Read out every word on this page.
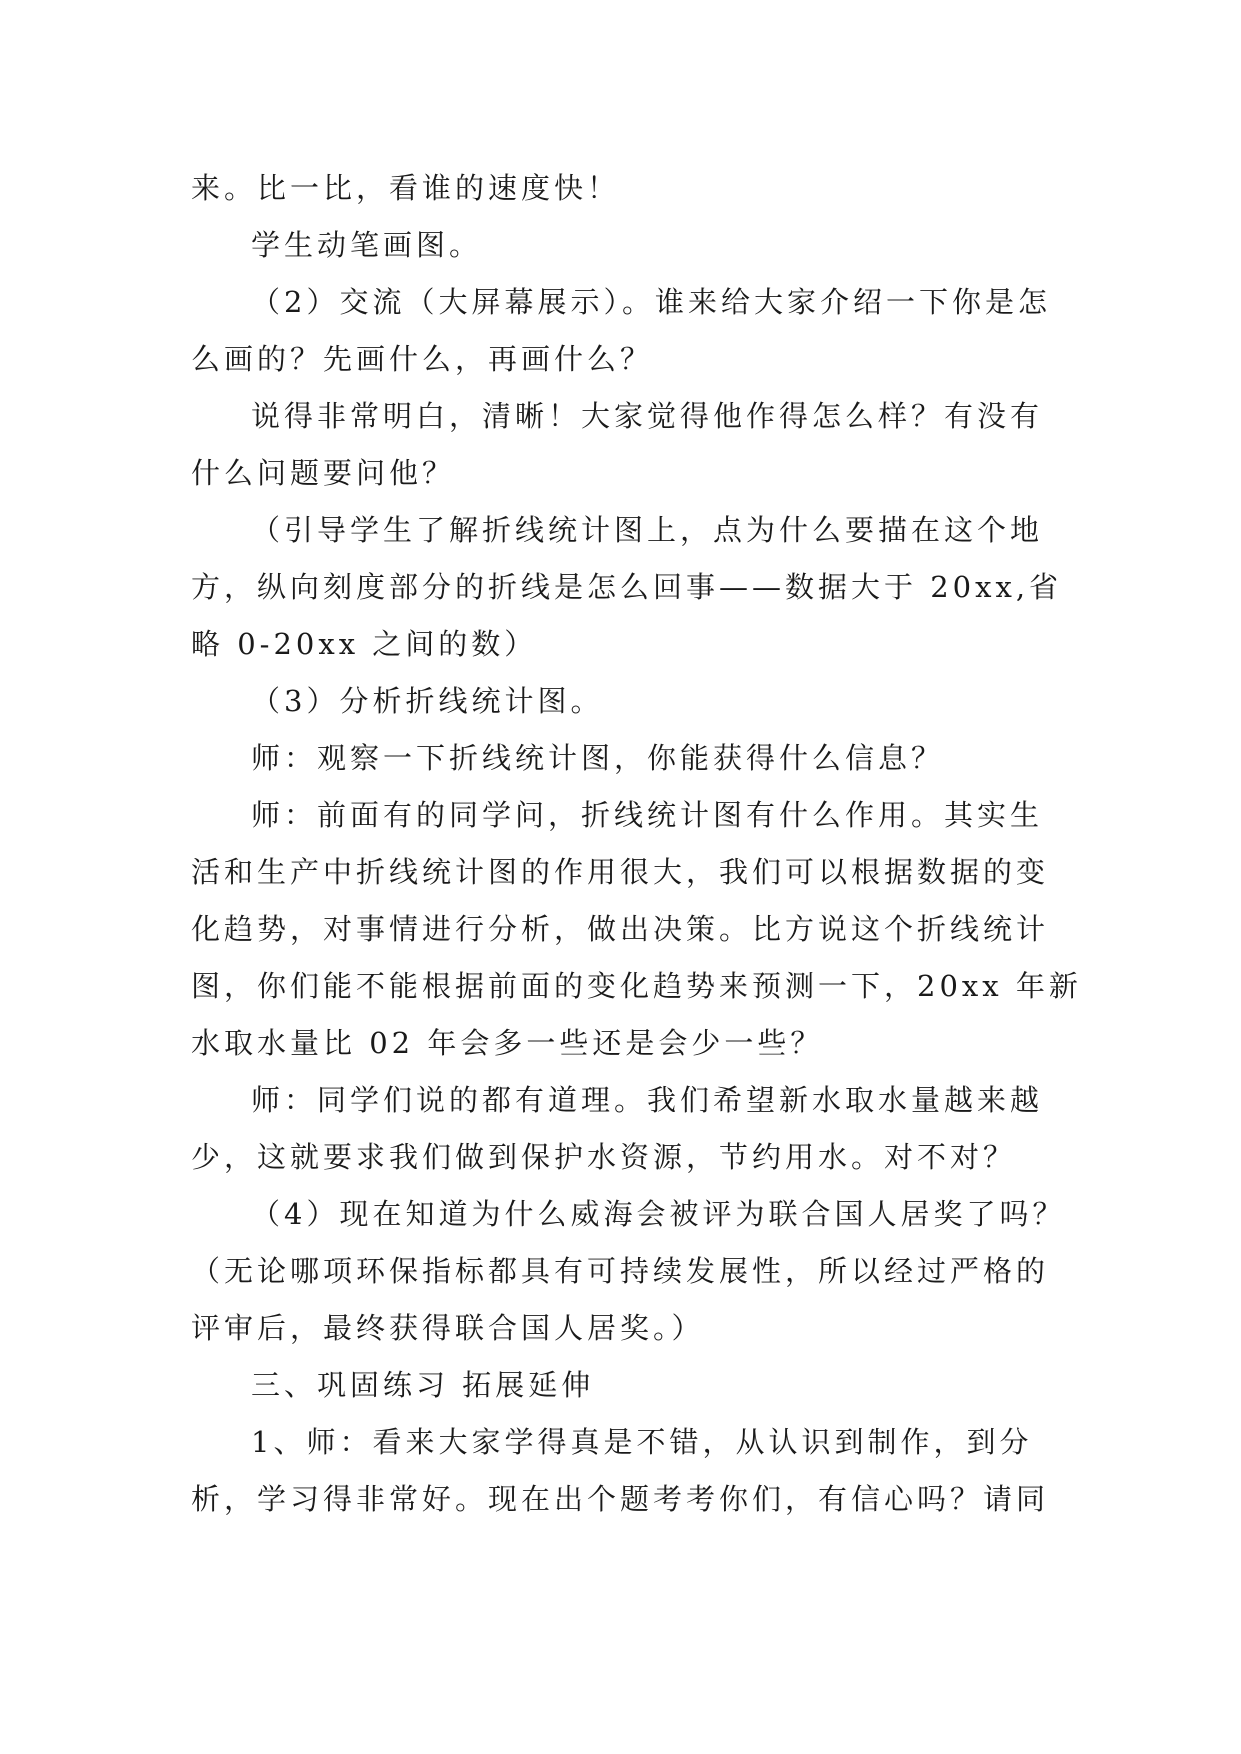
来。比一比，看谁的速度快！
学生动笔画图。
（2）交流（大屏幕展示）。谁来给大家介绍一下你是怎
么画的？先画什么，再画什么？
说得非常明白，清晰！大家觉得他作得怎么样？有没有
什么问题要问他？
（引导学生了解折线统计图上，点为什么要描在这个地
方，纵向刻度部分的折线是怎么回事——数据大于 20xx,省
略 0-20xx 之间的数）
（3）分析折线统计图。
师：观察一下折线统计图，你能获得什么信息？
师：前面有的同学问，折线统计图有什么作用。其实生
活和生产中折线统计图的作用很大，我们可以根据数据的变
化趋势，对事情进行分析，做出决策。比方说这个折线统计
图，你们能不能根据前面的变化趋势来预测一下，20xx 年新
水取水量比 02 年会多一些还是会少一些？
师：同学们说的都有道理。我们希望新水取水量越来越
少，这就要求我们做到保护水资源，节约用水。对不对？
（4）现在知道为什么威海会被评为联合国人居奖了吗？
（无论哪项环保指标都具有可持续发展性，所以经过严格的
评审后，最终获得联合国人居奖。）
三、巩固练习 拓展延伸
1、师：看来大家学得真是不错，从认识到制作，到分
析，学习得非常好。现在出个题考考你们，有信心吗？请同
